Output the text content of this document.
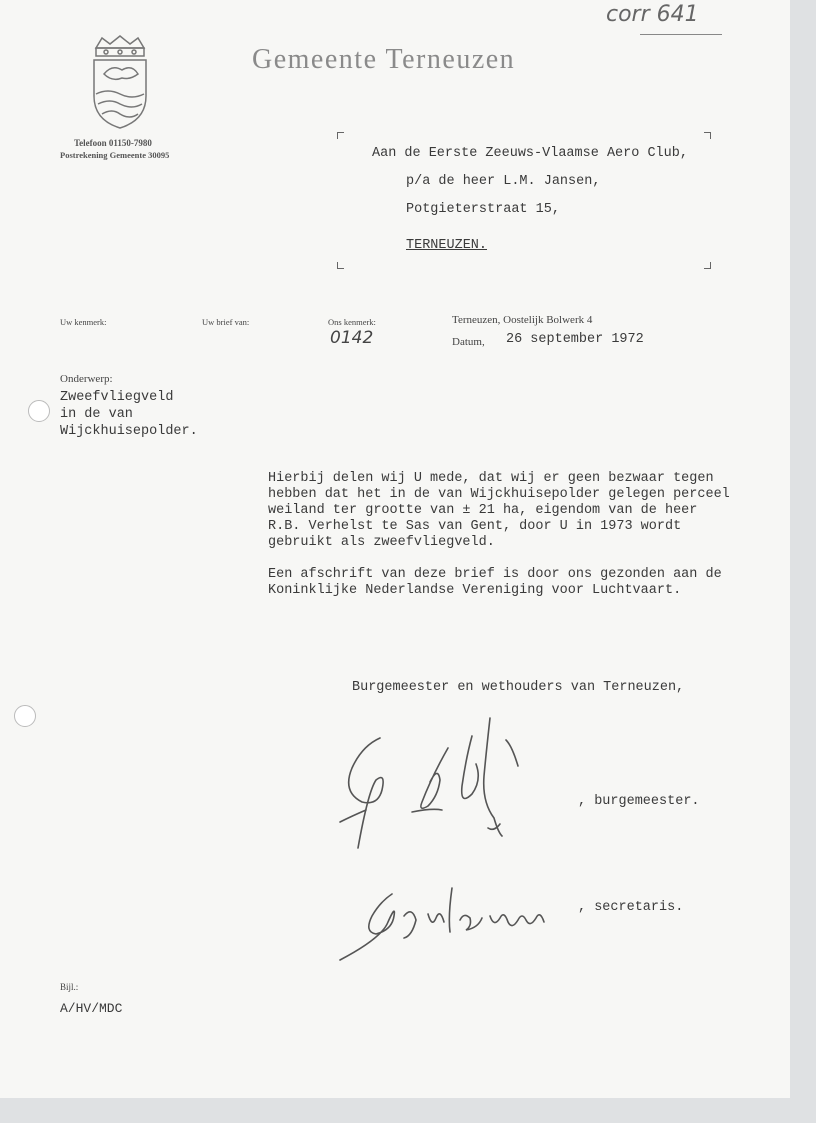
corr 641
Gemeente Terneuzen
Telefoon 01150-7980
Postrekening Gemeente 30095	Aan de Eerste Zeeuws-Vlaamse Aero Club,
p/a de heer L.M. Jansen,
Potgieterstraat 15,
TERNEUZEN.
Uw kenmerk:	Uw brief van:	Ons kenmerk:
0142
Terneuzen, Oostelijk Bolwerk 4
Datum, 26 september 1972
Onderwerp:
Zweefvliegveld
in de van
Wijckhuisepolder.
Hierbij delen wij U mede, dat wij er geen bezwaar tegen
hebben dat het in de van Wijckhuisepolder gelegen perceel
weiland ter grootte van ± 21 ha, eigendom van de heer
R.B. Verhelst te Sas van Gent, door U in 1973 wordt
gebruikt als zweefvliegveld.
Een afschrift van deze brief is door ons gezonden aan de
Koninklijke Nederlandse Vereniging voor Luchtvaart.
Burgemeester en wethouders van Terneuzen,
, burgemeester.
, secretaris.
Bijl.:
A/HV/MDC
